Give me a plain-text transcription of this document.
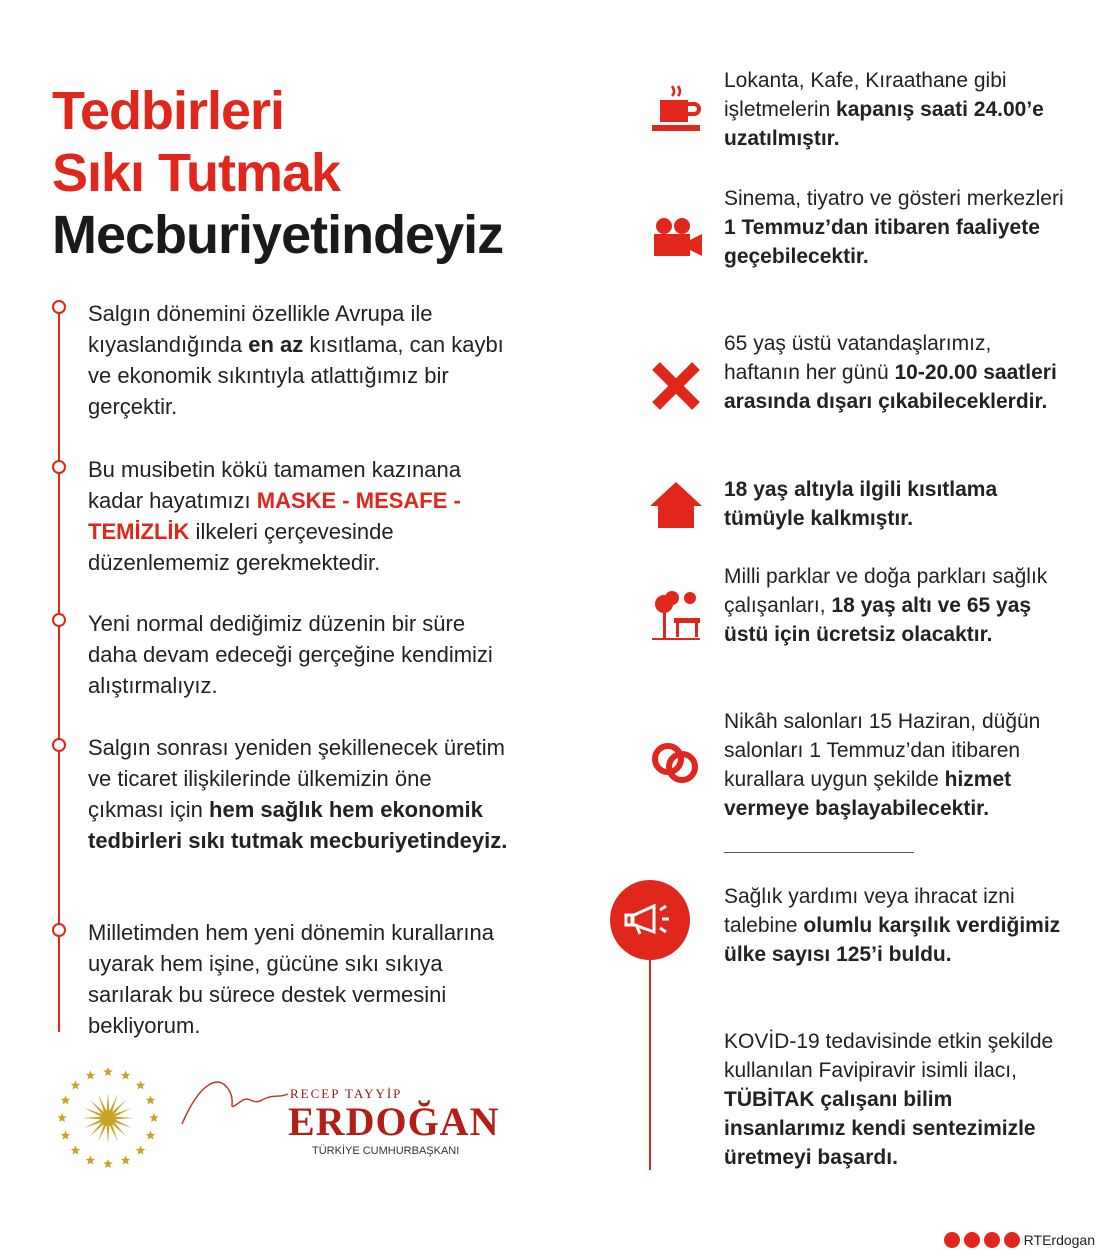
Tedbirleri
Sıkı Tutmak
Mecburiyetindeyiz
Salgın dönemini özellikle Avrupa ile kıyaslandığında en az kısıtlama, can kaybı ve ekonomik sıkıntıyla atlattığımız bir gerçektir.
Bu musibetin kökü tamamen kazınana kadar hayatımızı MASKE - MESAFE - TEMİZLİK ilkeleri çerçevesinde düzenlememiz gerekmektedir.
Yeni normal dediğimiz düzenin bir süre daha devam edeceği gerçeğine kendimizi alıştırmalıyız.
Salgın sonrası yeniden şekillenecek üretim ve ticaret ilişkilerinde ülkemizin öne çıkması için hem sağlık hem ekonomik tedbirleri sıkı tutmak mecburiyetindeyiz.
Milletimden hem yeni dönemin kurallarına uyarak hem işine, gücüne sıkı sıkıya sarılarak bu sürece destek vermesini bekliyorum.
Lokanta, Kafe, Kıraathane gibi işletmelerin kapanış saati 24.00’e uzatılmıştır.
Sinema, tiyatro ve gösteri merkezleri 1 Temmuz’dan itibaren faaliyete geçebilecektir.
65 yaş üstü vatandaşlarımız, haftanın her günü 10-20.00 saatleri arasında dışarı çıkabileceklerdir.
18 yaş altıyla ilgili kısıtlama tümüyle kalkmıştır.
Milli parklar ve doğa parkları sağlık çalışanları, 18 yaş altı ve 65 yaş üstü için ücretsiz olacaktır.
Nikâh salonları 15 Haziran, düğün salonları 1 Temmuz’dan itibaren kurallara uygun şekilde hizmet vermeye başlayabilecektir.
Sağlık yardımı veya ihracat izni talebine olumlu karşılık verdiğimiz ülke sayısı 125’i buldu.
KOVİD-19 tedavisinde etkin şekilde kullanılan Favipiravir isimli ilacı, TÜBİTAK çalışanı bilim insanlarımız kendi sentezimizle üretmeyi başardı.
RECEP TAYYİP
ERDOĞAN
TÜRKİYE CUMHURBAŞKANI
RTErdogan
